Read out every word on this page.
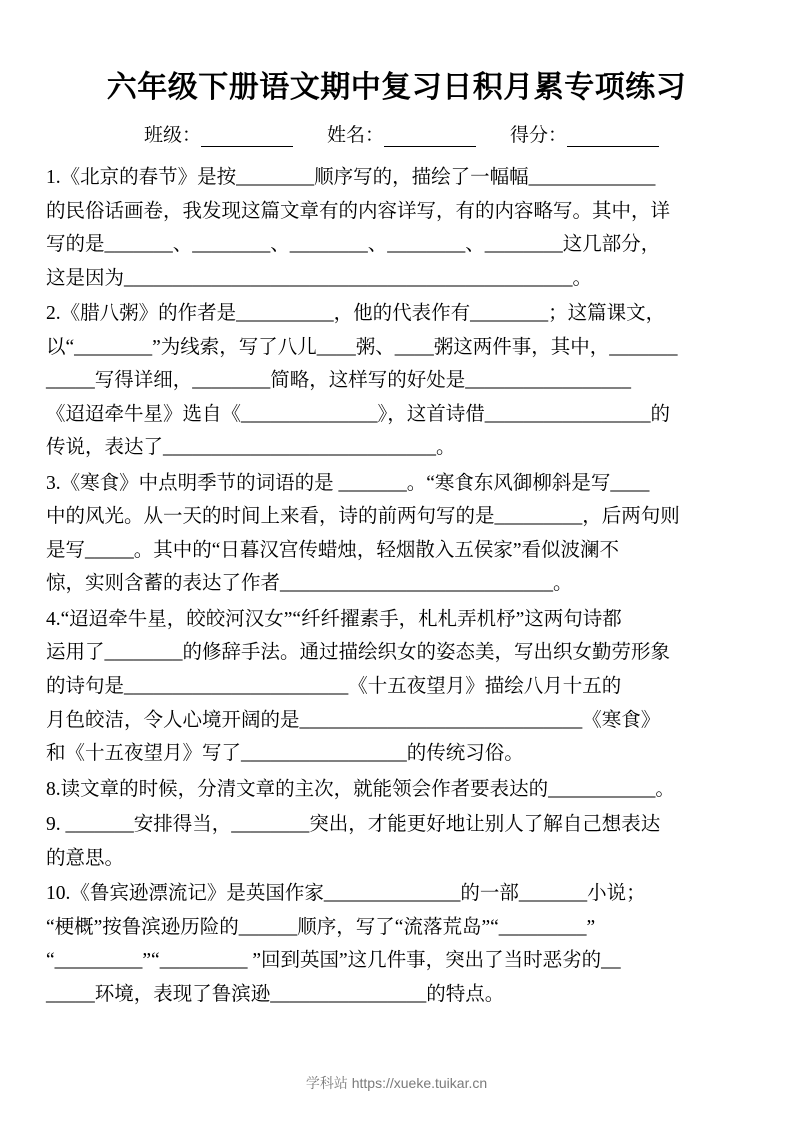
六年级下册语文期中复习日积月累专项练习
班级：	姓名：	得分：

1.《北京的春节》是按________顺序写的，描绘了一幅幅_____________
的民俗话画卷，我发现这篇文章有的内容详写，有的内容略写。其中，详
写的是_______、________、________、________、________这几部分，
这是因为______________________________________________。

2.《腊八粥》的作者是__________，他的代表作有________；这篇课文，
以“________”为线索，写了八儿____粥、____粥这两件事，其中，_______
_____写得详细，________简略，这样写的好处是_________________
《迢迢牵牛星》选自《______________》，这首诗借_________________的
传说，表达了____________________________。

3.《寒食》中点明季节的词语的是 _______。“寒食东风御柳斜是写____
中的风光。从一天的时间上来看，诗的前两句写的是_________，后两句则
是写_____。其中的“日暮汉宫传蜡烛，轻烟散入五侯家”看似波澜不
惊，实则含蓄的表达了作者____________________________。

4.“迢迢牵牛星，皎皎河汉女”“纤纤擢素手，札札弄机杼”这两句诗都
运用了________的修辞手法。通过描绘织女的姿态美，写出织女勤劳形象
的诗句是_______________________《十五夜望月》描绘八月十五的
月色皎洁，令人心境开阔的是_____________________________《寒食》
和《十五夜望月》写了_________________的传统习俗。

8.读文章的时候，分清文章的主次，就能领会作者要表达的___________。

9. _______安排得当，________突出，才能更好地让别人了解自己想表达
的意思。

10.《鲁宾逊漂流记》是英国作家______________的一部_______小说；
“梗概”按鲁滨逊历险的______顺序，写了“流落荒岛”“_________”
“_________”“_________ ”回到英国”这几件事，突出了当时恶劣的__
_____环境，表现了鲁滨逊________________的特点。

学科站 https://xueke.tuikar.cn
